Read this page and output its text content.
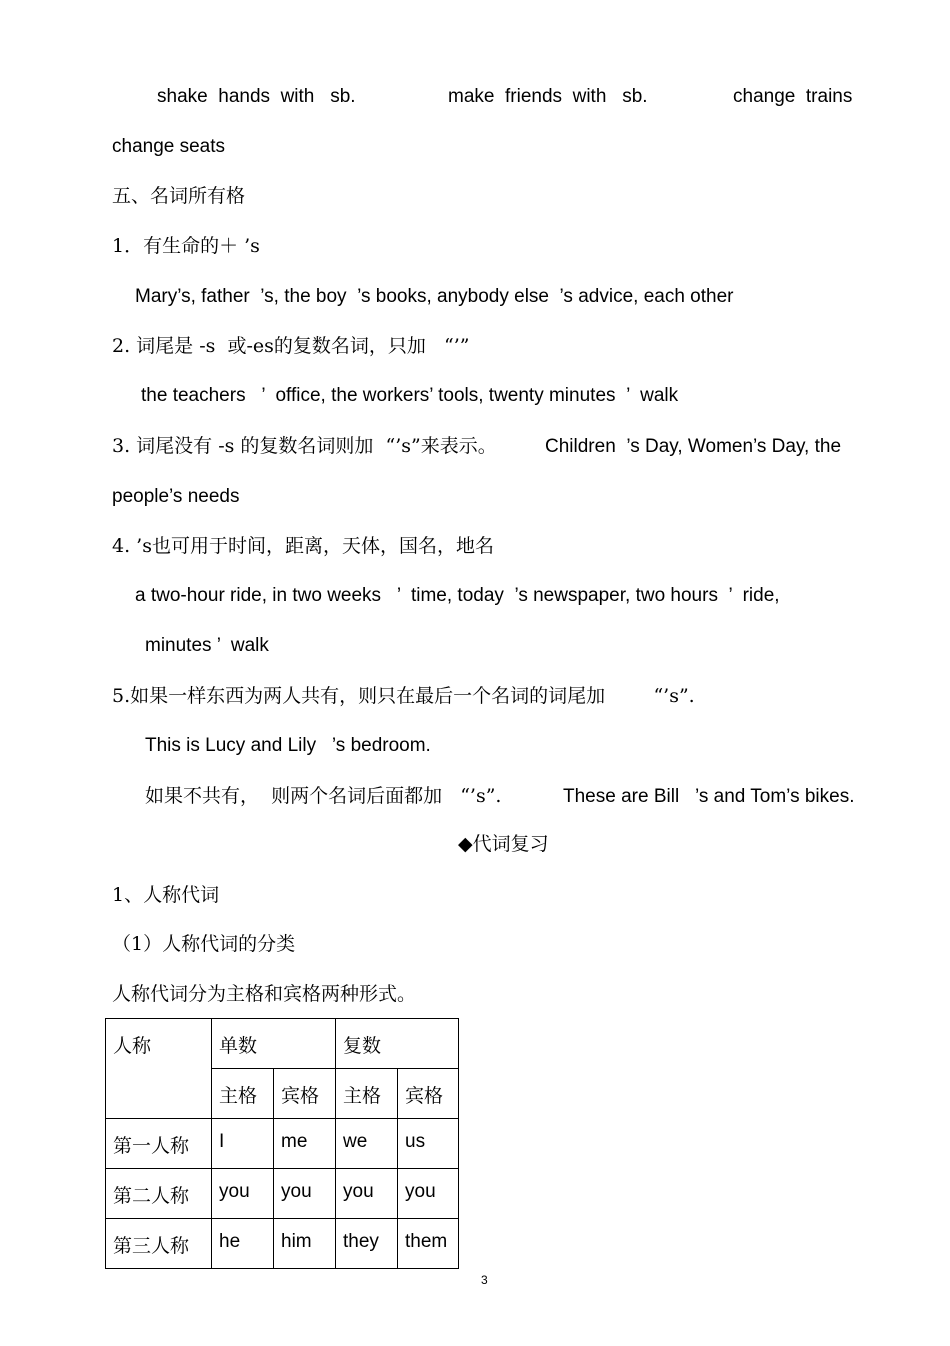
shake  hands  with   sb.	make  friends  with   sb.	change  trains
change seats
五、名词所有格
1．有生命的＋ ’s
Mary’s, father  ’s, the boy  ’s books, anybody else  ’s advice, each other
2. 词尾是 -s  或-es的复数名词，只加   “’”
the teachers   ’  office, the workers’ tools, twenty minutes  ’  walk
3. 词尾没有 -s 的复数名词则加  “’s”来表示。	Children  ’s Day, Women’s Day, the
people’s needs
4. ’s也可用于时间，距离，天体，国名，地名
a two-hour ride, in two weeks   ’  time, today  ’s newspaper, two hours  ’  ride,
minutes ’  walk
5.如果一样东西为两人共有，则只在最后一个名词的词尾加        “’s”.
This is Lucy and Lily   ’s bedroom.
如果不共有，  则两个名词后面都加   “’s”.	These are Bill   ’s and Tom’s bikes.
◆代词复习
1、人称代词
（1）人称代词的分类
人称代词分为主格和宾格两种形式。
人称	单数		复数	
	主格	宾格	主格	宾格
第一人称	I	me	we	us
第二人称	you	you	you	you
第三人称	he	him	they	them
3
